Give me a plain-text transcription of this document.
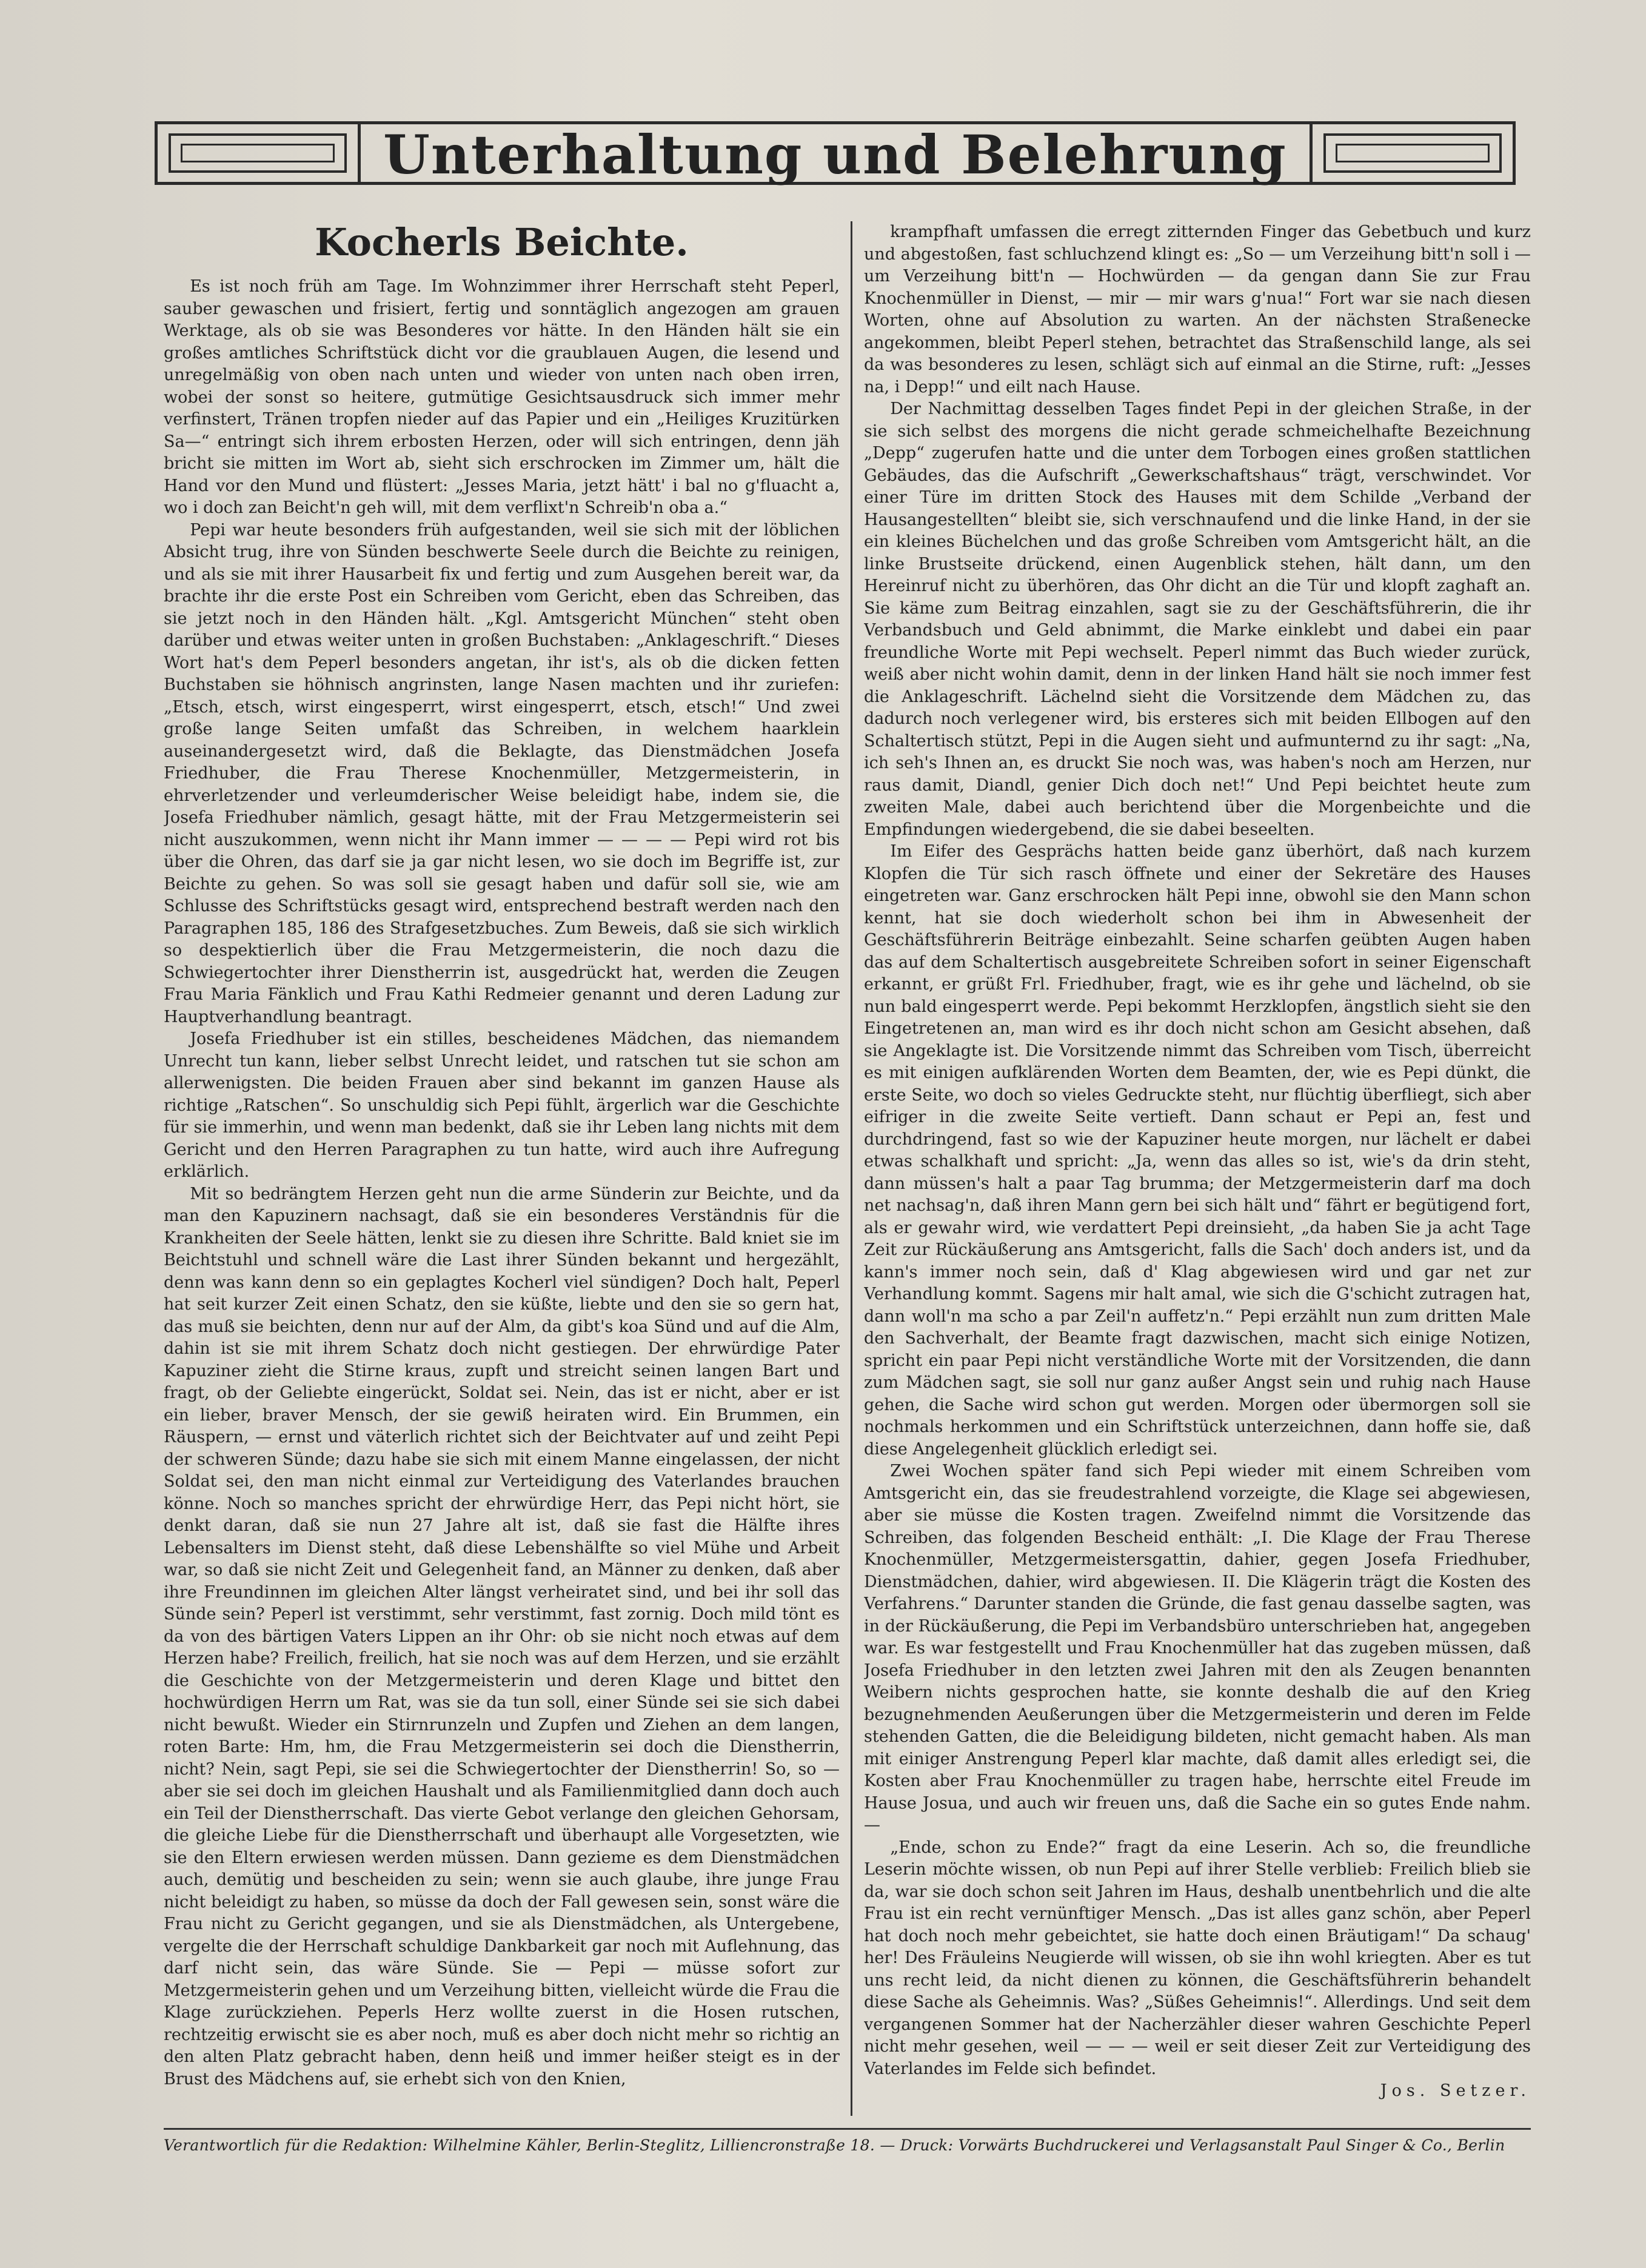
Unterhaltung und Belehrung
Kocherls Beichte.

Es ist noch früh am Tage. Im Wohnzimmer ihrer Herrschaft steht Peperl, sauber gewaschen und frisiert, fertig und sonntäglich angezogen am grauen Werktage, als ob sie was Besonderes vor hätte. In den Händen hält sie ein großes amtliches Schriftstück dicht vor die graublauen Augen, die lesend und unregelmäßig von oben nach unten und wieder von unten nach oben irren, wobei der sonst so heitere, gutmütige Gesichtsausdruck sich immer mehr verfinstert, Tränen tropfen nieder auf das Papier und ein „Heiliges Kruzitürken Sa—“ entringt sich ihrem erbosten Herzen, oder will sich entringen, denn jäh bricht sie mitten im Wort ab, sieht sich erschrocken im Zimmer um, hält die Hand vor den Mund und flüstert: „Jesses Maria, jetzt hätt' i bal no g'fluacht a, wo i doch zan Beicht'n geh will, mit dem verflixt'n Schreib'n oba a.“

Pepi war heute besonders früh aufgestanden, weil sie sich mit der löblichen Absicht trug, ihre von Sünden beschwerte Seele durch die Beichte zu reinigen, und als sie mit ihrer Hausarbeit fix und fertig und zum Ausgehen bereit war, da brachte ihr die erste Post ein Schreiben vom Gericht, eben das Schreiben, das sie jetzt noch in den Händen hält. „Kgl. Amtsgericht München“ steht oben darüber und etwas weiter unten in großen Buchstaben: „Anklageschrift.“ Dieses Wort hat's dem Peperl besonders angetan, ihr ist's, als ob die dicken fetten Buchstaben sie höhnisch angrinsten, lange Nasen machten und ihr zuriefen: „Etsch, etsch, wirst eingesperrt, wirst eingesperrt, etsch, etsch!“ Und zwei große lange Seiten umfaßt das Schreiben, in welchem haarklein auseinandergesetzt wird, daß die Beklagte, das Dienstmädchen Josefa Friedhuber, die Frau Therese Knochenmüller, Metzgermeisterin, in ehrverletzender und verleumderischer Weise beleidigt habe, indem sie, die Josefa Friedhuber nämlich, gesagt hätte, mit der Frau Metzgermeisterin sei nicht auszukommen, wenn nicht ihr Mann immer — — — — Pepi wird rot bis über die Ohren, das darf sie ja gar nicht lesen, wo sie doch im Begriffe ist, zur Beichte zu gehen. So was soll sie gesagt haben und dafür soll sie, wie am Schlusse des Schriftstücks gesagt wird, entsprechend bestraft werden nach den Paragraphen 185, 186 des Strafgesetzbuches. Zum Beweis, daß sie sich wirklich so despektierlich über die Frau Metzgermeisterin, die noch dazu die Schwiegertochter ihrer Dienstherrin ist, ausgedrückt hat, werden die Zeugen Frau Maria Fänklich und Frau Kathi Redmeier genannt und deren Ladung zur Hauptverhandlung beantragt.

Josefa Friedhuber ist ein stilles, bescheidenes Mädchen, das niemandem Unrecht tun kann, lieber selbst Unrecht leidet, und ratschen tut sie schon am allerwenigsten. Die beiden Frauen aber sind bekannt im ganzen Hause als richtige „Ratschen“. So unschuldig sich Pepi fühlt, ärgerlich war die Geschichte für sie immerhin, und wenn man bedenkt, daß sie ihr Leben lang nichts mit dem Gericht und den Herren Paragraphen zu tun hatte, wird auch ihre Aufregung erklärlich.

Mit so bedrängtem Herzen geht nun die arme Sünderin zur Beichte, und da man den Kapuzinern nachsagt, daß sie ein besonderes Verständnis für die Krankheiten der Seele hätten, lenkt sie zu diesen ihre Schritte. Bald kniet sie im Beichtstuhl und schnell wäre die Last ihrer Sünden bekannt und hergezählt, denn was kann denn so ein geplagtes Kocherl viel sündigen? Doch halt, Peperl hat seit kurzer Zeit einen Schatz, den sie küßte, liebte und den sie so gern hat, das muß sie beichten, denn nur auf der Alm, da gibt's koa Sünd und auf die Alm, dahin ist sie mit ihrem Schatz doch nicht gestiegen. Der ehrwürdige Pater Kapuziner zieht die Stirne kraus, zupft und streicht seinen langen Bart und fragt, ob der Geliebte eingerückt, Soldat sei. Nein, das ist er nicht, aber er ist ein lieber, braver Mensch, der sie gewiß heiraten wird. Ein Brummen, ein Räuspern, — ernst und väterlich richtet sich der Beichtvater auf und zeiht Pepi der schweren Sünde; dazu habe sie sich mit einem Manne eingelassen, der nicht Soldat sei, den man nicht einmal zur Verteidigung des Vaterlandes brauchen könne. Noch so manches spricht der ehrwürdige Herr, das Pepi nicht hört, sie denkt daran, daß sie nun 27 Jahre alt ist, daß sie fast die Hälfte ihres Lebensalters im Dienst steht, daß diese Lebenshälfte so viel Mühe und Arbeit war, so daß sie nicht Zeit und Gelegenheit fand, an Männer zu denken, daß aber ihre Freundinnen im gleichen Alter längst verheiratet sind, und bei ihr soll das Sünde sein? Peperl ist verstimmt, sehr verstimmt, fast zornig. Doch mild tönt es da von des bärtigen Vaters Lippen an ihr Ohr: ob sie nicht noch etwas auf dem Herzen habe? Freilich, freilich, hat sie noch was auf dem Herzen, und sie erzählt die Geschichte von der Metzgermeisterin und deren Klage und bittet den hochwürdigen Herrn um Rat, was sie da tun soll, einer Sünde sei sie sich dabei nicht bewußt. Wieder ein Stirnrunzeln und Zupfen und Ziehen an dem langen, roten Barte: Hm, hm, die Frau Metzgermeisterin sei doch die Dienstherrin, nicht? Nein, sagt Pepi, sie sei die Schwiegertochter der Dienstherrin! So, so — aber sie sei doch im gleichen Haushalt und als Familienmitglied dann doch auch ein Teil der Dienstherrschaft. Das vierte Gebot verlange den gleichen Gehorsam, die gleiche Liebe für die Dienstherrschaft und überhaupt alle Vorgesetzten, wie sie den Eltern erwiesen werden müssen. Dann gezieme es dem Dienstmädchen auch, demütig und bescheiden zu sein; wenn sie auch glaube, ihre junge Frau nicht beleidigt zu haben, so müsse da doch der Fall gewesen sein, sonst wäre die Frau nicht zu Gericht gegangen, und sie als Dienstmädchen, als Untergebene, vergelte die der Herrschaft schuldige Dankbarkeit gar noch mit Auflehnung, das darf nicht sein, das wäre Sünde. Sie — Pepi — müsse sofort zur Metzgermeisterin gehen und um Verzeihung bitten, vielleicht würde die Frau die Klage zurückziehen. Peperls Herz wollte zuerst in die Hosen rutschen, rechtzeitig erwischt sie es aber noch, muß es aber doch nicht mehr so richtig an den alten Platz gebracht haben, denn heiß und immer heißer steigt es in der Brust des Mädchens auf, sie erhebt sich von den Knien,

krampfhaft umfassen die erregt zitternden Finger das Gebetbuch und kurz und abgestoßen, fast schluchzend klingt es: „So — um Verzeihung bitt'n soll i — um Verzeihung bitt'n — Hochwürden — da gengan dann Sie zur Frau Knochenmüller in Dienst, — mir — mir wars g'nua!“ Fort war sie nach diesen Worten, ohne auf Absolution zu warten. An der nächsten Straßenecke angekommen, bleibt Peperl stehen, betrachtet das Straßenschild lange, als sei da was besonderes zu lesen, schlägt sich auf einmal an die Stirne, ruft: „Jesses na, i Depp!“ und eilt nach Hause.

Der Nachmittag desselben Tages findet Pepi in der gleichen Straße, in der sie sich selbst des morgens die nicht gerade schmeichelhafte Bezeichnung „Depp“ zugerufen hatte und die unter dem Torbogen eines großen stattlichen Gebäudes, das die Aufschrift „Gewerkschaftshaus“ trägt, verschwindet. Vor einer Türe im dritten Stock des Hauses mit dem Schilde „Verband der Hausangestellten“ bleibt sie, sich verschnaufend und die linke Hand, in der sie ein kleines Büchelchen und das große Schreiben vom Amtsgericht hält, an die linke Brustseite drückend, einen Augenblick stehen, hält dann, um den Hereinruf nicht zu überhören, das Ohr dicht an die Tür und klopft zaghaft an. Sie käme zum Beitrag einzahlen, sagt sie zu der Geschäftsführerin, die ihr Verbandsbuch und Geld abnimmt, die Marke einklebt und dabei ein paar freundliche Worte mit Pepi wechselt. Peperl nimmt das Buch wieder zurück, weiß aber nicht wohin damit, denn in der linken Hand hält sie noch immer fest die Anklageschrift. Lächelnd sieht die Vorsitzende dem Mädchen zu, das dadurch noch verlegener wird, bis ersteres sich mit beiden Ellbogen auf den Schaltertisch stützt, Pepi in die Augen sieht und aufmunternd zu ihr sagt: „Na, ich seh's Ihnen an, es druckt Sie noch was, was haben's noch am Herzen, nur raus damit, Diandl, genier Dich doch net!“ Und Pepi beichtet heute zum zweiten Male, dabei auch berichtend über die Morgenbeichte und die Empfindungen wiedergebend, die sie dabei beseelten.

Im Eifer des Gesprächs hatten beide ganz überhört, daß nach kurzem Klopfen die Tür sich rasch öffnete und einer der Sekretäre des Hauses eingetreten war. Ganz erschrocken hält Pepi inne, obwohl sie den Mann schon kennt, hat sie doch wiederholt schon bei ihm in Abwesenheit der Geschäftsführerin Beiträge einbezahlt. Seine scharfen geübten Augen haben das auf dem Schaltertisch ausgebreitete Schreiben sofort in seiner Eigenschaft erkannt, er grüßt Frl. Friedhuber, fragt, wie es ihr gehe und lächelnd, ob sie nun bald eingesperrt werde. Pepi bekommt Herzklopfen, ängstlich sieht sie den Eingetretenen an, man wird es ihr doch nicht schon am Gesicht absehen, daß sie Angeklagte ist. Die Vorsitzende nimmt das Schreiben vom Tisch, überreicht es mit einigen aufklärenden Worten dem Beamten, der, wie es Pepi dünkt, die erste Seite, wo doch so vieles Gedruckte steht, nur flüchtig überfliegt, sich aber eifriger in die zweite Seite vertieft. Dann schaut er Pepi an, fest und durchdringend, fast so wie der Kapuziner heute morgen, nur lächelt er dabei etwas schalkhaft und spricht: „Ja, wenn das alles so ist, wie's da drin steht, dann müssen's halt a paar Tag brumma; der Metzgermeisterin darf ma doch net nachsag'n, daß ihren Mann gern bei sich hält und“ fährt er begütigend fort, als er gewahr wird, wie verdattert Pepi dreinsieht, „da haben Sie ja acht Tage Zeit zur Rückäußerung ans Amtsgericht, falls die Sach' doch anders ist, und da kann's immer noch sein, daß d' Klag abgewiesen wird und gar net zur Verhandlung kommt. Sagens mir halt amal, wie sich die G'schicht zutragen hat, dann woll'n ma scho a par Zeil'n auffetz'n.“ Pepi erzählt nun zum dritten Male den Sachverhalt, der Beamte fragt dazwischen, macht sich einige Notizen, spricht ein paar Pepi nicht verständliche Worte mit der Vorsitzenden, die dann zum Mädchen sagt, sie soll nur ganz außer Angst sein und ruhig nach Hause gehen, die Sache wird schon gut werden. Morgen oder übermorgen soll sie nochmals herkommen und ein Schriftstück unterzeichnen, dann hoffe sie, daß diese Angelegenheit glücklich erledigt sei.

Zwei Wochen später fand sich Pepi wieder mit einem Schreiben vom Amtsgericht ein, das sie freudestrahlend vorzeigte, die Klage sei abgewiesen, aber sie müsse die Kosten tragen. Zweifelnd nimmt die Vorsitzende das Schreiben, das folgenden Bescheid enthält: „I. Die Klage der Frau Therese Knochenmüller, Metzgermeistersgattin, dahier, gegen Josefa Friedhuber, Dienstmädchen, dahier, wird abgewiesen. II. Die Klägerin trägt die Kosten des Verfahrens.“ Darunter standen die Gründe, die fast genau dasselbe sagten, was in der Rückäußerung, die Pepi im Verbandsbüro unterschrieben hat, angegeben war. Es war festgestellt und Frau Knochenmüller hat das zugeben müssen, daß Josefa Friedhuber in den letzten zwei Jahren mit den als Zeugen benannten Weibern nichts gesprochen hatte, sie konnte deshalb die auf den Krieg bezugnehmenden Aeußerungen über die Metzgermeisterin und deren im Felde stehenden Gatten, die die Beleidigung bildeten, nicht gemacht haben. Als man mit einiger Anstrengung Peperl klar machte, daß damit alles erledigt sei, die Kosten aber Frau Knochenmüller zu tragen habe, herrschte eitel Freude im Hause Josua, und auch wir freuen uns, daß die Sache ein so gutes Ende nahm. —

„Ende, schon zu Ende?“ fragt da eine Leserin. Ach so, die freundliche Leserin möchte wissen, ob nun Pepi auf ihrer Stelle verblieb: Freilich blieb sie da, war sie doch schon seit Jahren im Haus, deshalb unentbehrlich und die alte Frau ist ein recht vernünftiger Mensch. „Das ist alles ganz schön, aber Peperl hat doch noch mehr gebeichtet, sie hatte doch einen Bräutigam!“ Da schaug' her! Des Fräuleins Neugierde will wissen, ob sie ihn wohl kriegten. Aber es tut uns recht leid, da nicht dienen zu können, die Geschäftsführerin behandelt diese Sache als Geheimnis. Was? „Süßes Geheimnis!“. Allerdings. Und seit dem vergangenen Sommer hat der Nacherzähler dieser wahren Geschichte Peperl nicht mehr gesehen, weil — — — weil er seit dieser Zeit zur Verteidigung des Vaterlandes im Felde sich befindet.

Jos. Setzer.

Verantwortlich für die Redaktion: Wilhelmine Kähler, Berlin-Steglitz, Lilliencronstraße 18. — Druck: Vorwärts Buchdruckerei und Verlagsanstalt Paul Singer & Co., Berlin
